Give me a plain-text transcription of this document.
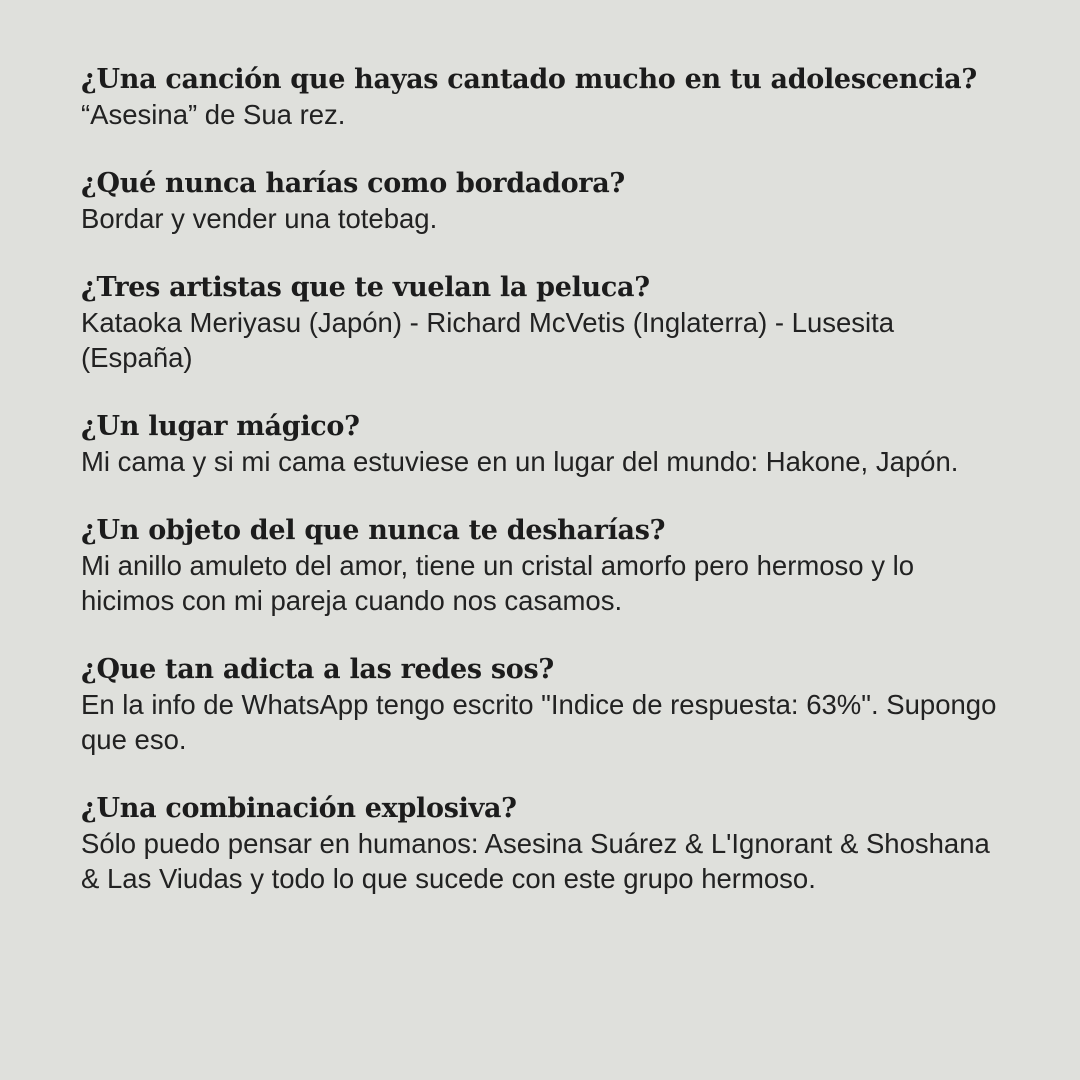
¿Una canción que hayas cantado mucho en tu adolescencia?

“Asesina” de Sua rez.

¿Qué nunca harías como bordadora?

Bordar y vender una totebag.

¿Tres artistas que te vuelan la peluca?

Kataoka Meriyasu (Japón) - Richard McVetis (Inglaterra) - Lusesita (España)

¿Un lugar mágico?

Mi cama y si mi cama estuviese en un lugar del mundo: Hakone, Japón.

¿Un objeto del que nunca te desharías?

Mi anillo amuleto del amor, tiene un cristal amorfo pero hermoso y lo hicimos con mi pareja cuando nos casamos.

¿Que tan adicta a las redes sos?

En la info de WhatsApp tengo escrito "Indice de respuesta: 63%". Supongo que eso.

¿Una combinación explosiva?

Sólo puedo pensar en humanos: Asesina Suárez & L'Ignorant & Shoshana & Las Viudas y todo lo que sucede con este grupo hermoso.
